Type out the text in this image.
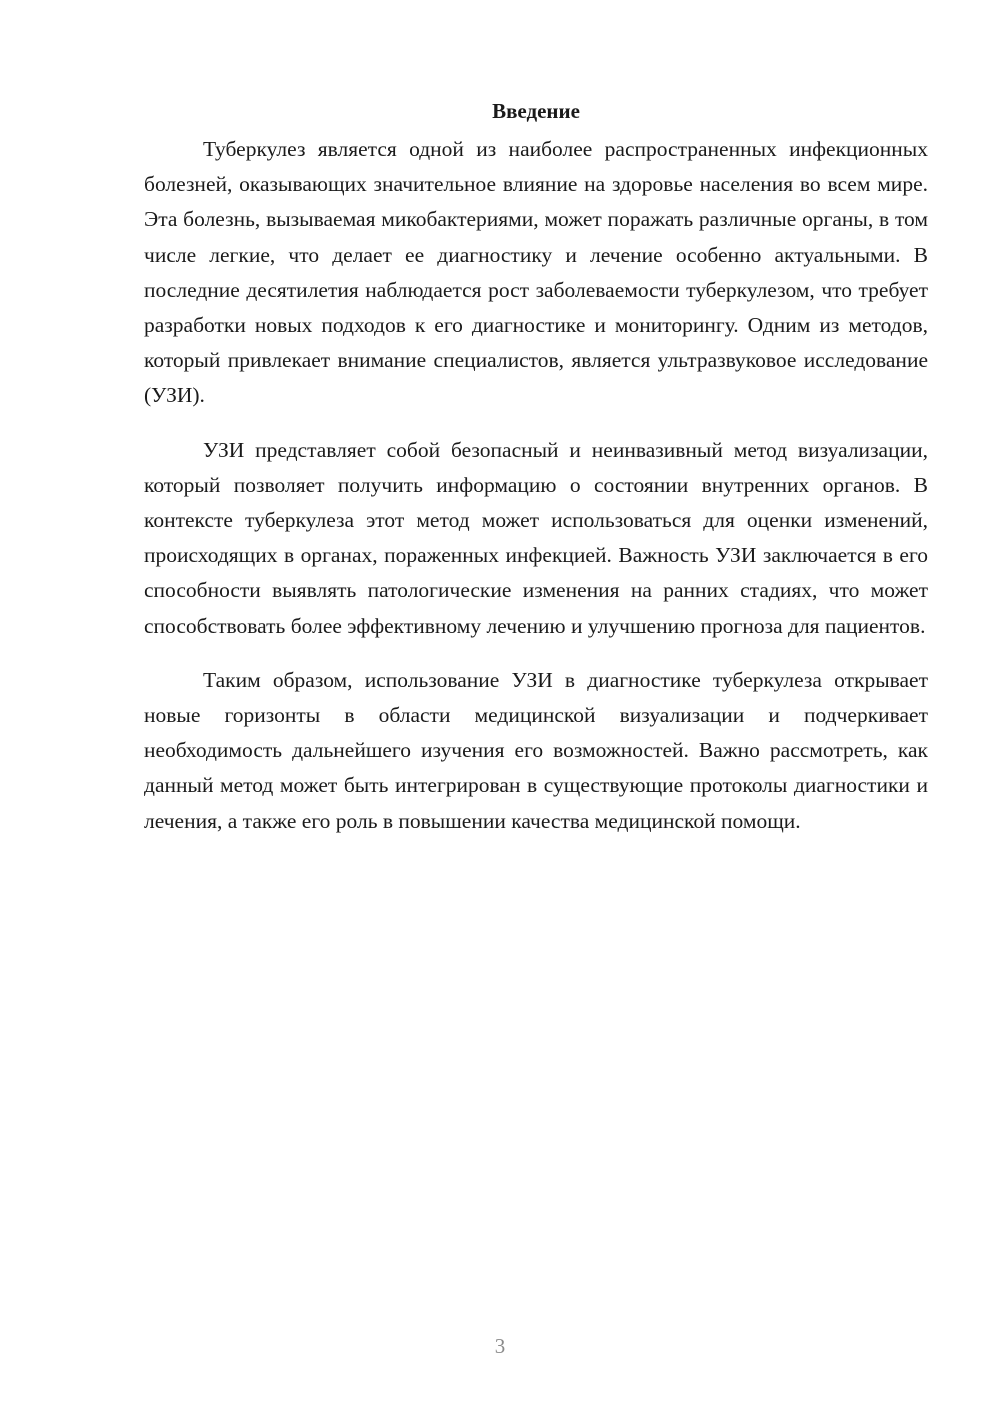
Введение

Туберкулез является одной из наиболее распространенных инфекционных болезней, оказывающих значительное влияние на здоровье населения во всем мире. Эта болезнь, вызываемая микобактериями, может поражать различные органы, в том числе легкие, что делает ее диагностику и лечение особенно актуальными. В последние десятилетия наблюдается рост заболеваемости туберкулезом, что требует разработки новых подходов к его диагностике и мониторингу. Одним из методов, который привлекает внимание специалистов, является ультразвуковое исследование (УЗИ).

УЗИ представляет собой безопасный и неинвазивный метод визуализации, который позволяет получить информацию о состоянии внутренних органов. В контексте туберкулеза этот метод может использоваться для оценки изменений, происходящих в органах, пораженных инфекцией. Важность УЗИ заключается в его способности выявлять патологические изменения на ранних стадиях, что может способствовать более эффективному лечению и улучшению прогноза для пациентов.

Таким образом, использование УЗИ в диагностике туберкулеза открывает новые горизонты в области медицинской визуализации и подчеркивает необходимость дальнейшего изучения его возможностей. Важно рассмотреть, как данный метод может быть интегрирован в существующие протоколы диагностики и лечения, а также его роль в повышении качества медицинской помощи.

3
